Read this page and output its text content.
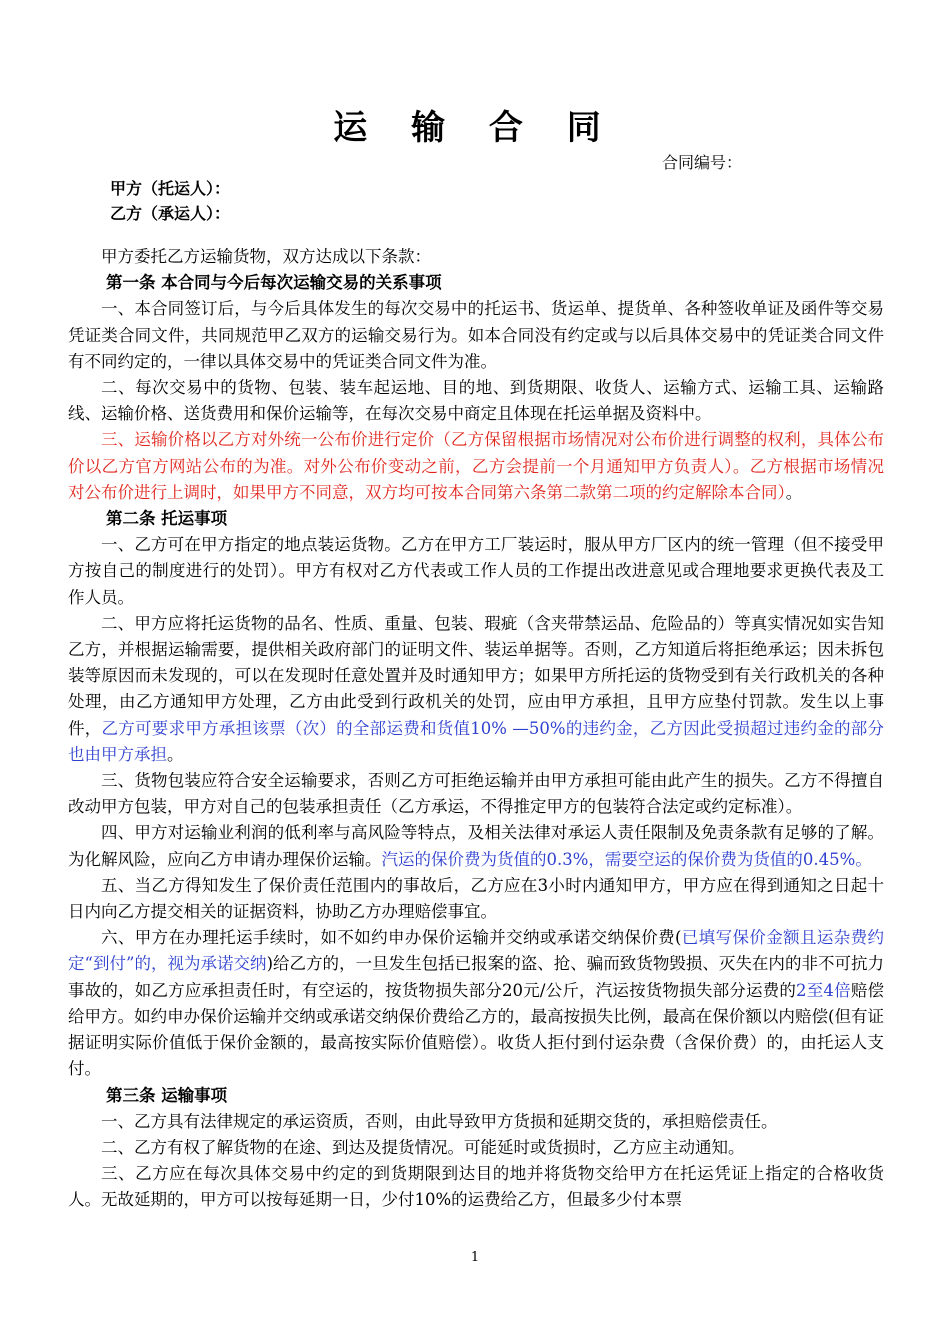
运 输 合 同
合同编号：
甲方（托运人）：
乙方（承运人）：

甲方委托乙方运输货物，双方达成以下条款：

第一条 本合同与今后每次运输交易的关系事项

一、本合同签订后，与今后具体发生的每次交易中的托运书、货运单、提货单、各种签收单证及函件等交易凭证类合同文件，共同规范甲乙双方的运输交易行为。如本合同没有约定或与以后具体交易中的凭证类合同文件有不同约定的，一律以具体交易中的凭证类合同文件为准。

二、每次交易中的货物、包装、装车起运地、目的地、到货期限、收货人、运输方式、运输工具、运输路线、运输价格、送货费用和保价运输等，在每次交易中商定且体现在托运单据及资料中。

三、运输价格以乙方对外统一公布价进行定价（乙方保留根据市场情况对公布价进行调整的权利，具体公布价以乙方官方网站公布的为准。对外公布价变动之前，乙方会提前一个月通知甲方负责人）。乙方根据市场情况对公布价进行上调时，如果甲方不同意，双方均可按本合同第六条第二款第二项的约定解除本合同）。

第二条 托运事项

一、乙方可在甲方指定的地点装运货物。乙方在甲方工厂装运时，服从甲方厂区内的统一管理（但不接受甲方按自己的制度进行的处罚）。甲方有权对乙方代表或工作人员的工作提出改进意见或合理地要求更换代表及工作人员。

二、甲方应将托运货物的品名、性质、重量、包装、瑕疵（含夹带禁运品、危险品的）等真实情况如实告知乙方，并根据运输需要，提供相关政府部门的证明文件、装运单据等。否则，乙方知道后将拒绝承运；因未拆包装等原因而未发现的，可以在发现时任意处置并及时通知甲方；如果甲方所托运的货物受到有关行政机关的各种处理，由乙方通知甲方处理，乙方由此受到行政机关的处罚，应由甲方承担，且甲方应垫付罚款。发生以上事件，乙方可要求甲方承担该票（次）的全部运费和货值10% —50%的违约金，乙方因此受损超过违约金的部分也由甲方承担。

三、货物包装应符合安全运输要求，否则乙方可拒绝运输并由甲方承担可能由此产生的损失。乙方不得擅自改动甲方包装，甲方对自己的包装承担责任（乙方承运，不得推定甲方的包装符合法定或约定标准）。

四、甲方对运输业利润的低利率与高风险等特点，及相关法律对承运人责任限制及免责条款有足够的了解。为化解风险，应向乙方申请办理保价运输。汽运的保价费为货值的0.3%，需要空运的保价费为货值的0.45%。

五、当乙方得知发生了保价责任范围内的事故后，乙方应在3小时内通知甲方，甲方应在得到通知之日起十日内向乙方提交相关的证据资料，协助乙方办理赔偿事宜。

六、甲方在办理托运手续时，如不如约申办保价运输并交纳或承诺交纳保价费(已填写保价金额且运杂费约定“到付”的，视为承诺交纳)给乙方的，一旦发生包括已报案的盗、抢、骗而致货物毁损、灭失在内的非不可抗力事故的，如乙方应承担责任时，有空运的，按货物损失部分20元/公斤，汽运按货物损失部分运费的2至4倍赔偿给甲方。如约申办保价运输并交纳或承诺交纳保价费给乙方的，最高按损失比例，最高在保价额以内赔偿(但有证据证明实际价值低于保价金额的，最高按实际价值赔偿）。收货人拒付到付运杂费（含保价费）的，由托运人支付。

第三条 运输事项

一、乙方具有法律规定的承运资质，否则，由此导致甲方货损和延期交货的，承担赔偿责任。

二、乙方有权了解货物的在途、到达及提货情况。可能延时或货损时，乙方应主动通知。

三、乙方应在每次具体交易中约定的到货期限到达目的地并将货物交给甲方在托运凭证上指定的合格收货人。无故延期的，甲方可以按每延期一日，少付10%的运费给乙方，但最多少付本票

1
